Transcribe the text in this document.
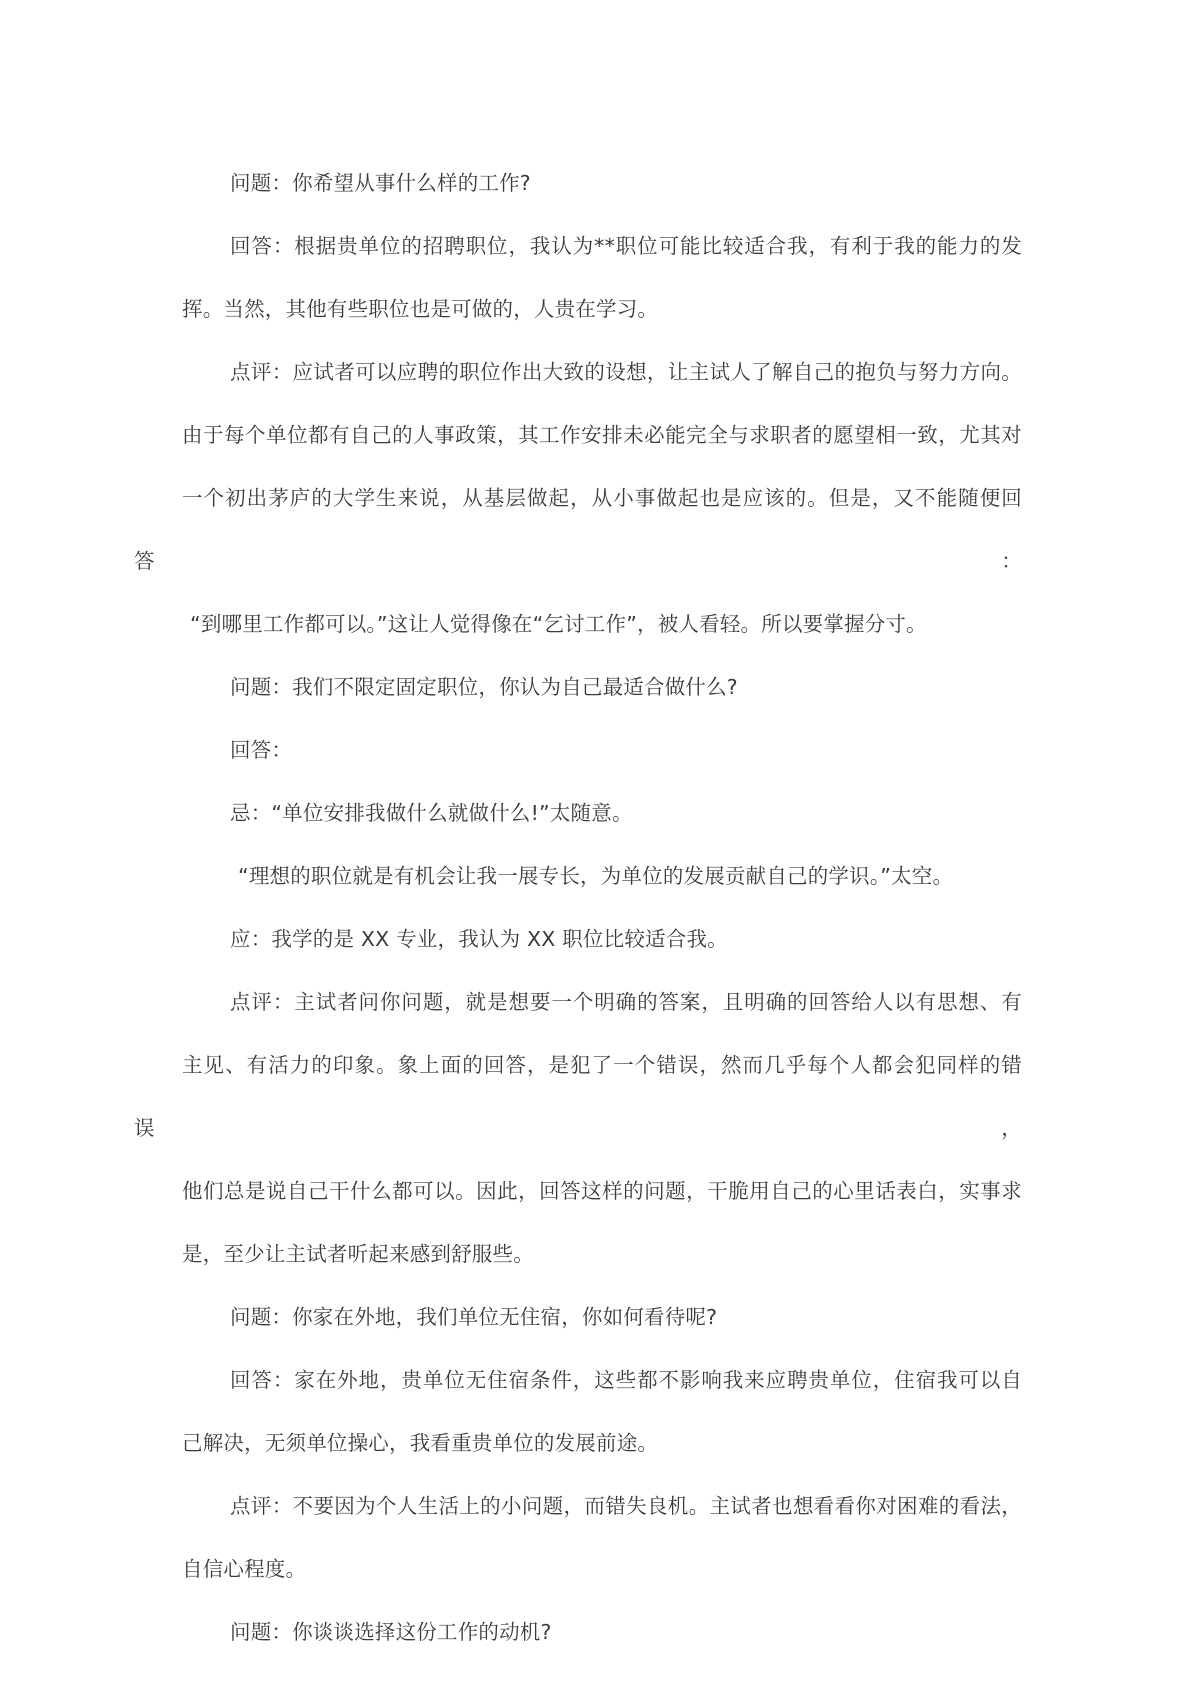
问题：你希望从事什么样的工作?

回答：根据贵单位的招聘职位，我认为**职位可能比较适合我，有利于我的能力的发
挥。当然，其他有些职位也是可做的，人贵在学习。

点评：应试者可以应聘的职位作出大致的设想，让主试人了解自己的抱负与努力方向。
由于每个单位都有自己的人事政策，其工作安排未必能完全与求职者的愿望相一致，尤其对
一个初出茅庐的大学生来说，从基层做起，从小事做起也是应该的。但是，又不能随便回答：
“到哪里工作都可以。”这让人觉得像在“乞讨工作”，被人看轻。所以要掌握分寸。

问题：我们不限定固定职位，你认为自己最适合做什么?

回答：

忌：“单位安排我做什么就做什么!”太随意。

“理想的职位就是有机会让我一展专长，为单位的发展贡献自己的学识。”太空。

应：我学的是 XX 专业，我认为 XX 职位比较适合我。

点评：主试者问你问题，就是想要一个明确的答案，且明确的回答给人以有思想、有
主见、有活力的印象。象上面的回答，是犯了一个错误，然而几乎每个人都会犯同样的错误，
他们总是说自己干什么都可以。因此，回答这样的问题，干脆用自己的心里话表白，实事求
是，至少让主试者听起来感到舒服些。

问题：你家在外地，我们单位无住宿，你如何看待呢?

回答：家在外地，贵单位无住宿条件，这些都不影响我来应聘贵单位，住宿我可以自
己解决，无须单位操心，我看重贵单位的发展前途。

点评：不要因为个人生活上的小问题，而错失良机。主试者也想看看你对困难的看法，
自信心程度。

问题：你谈谈选择这份工作的动机?
